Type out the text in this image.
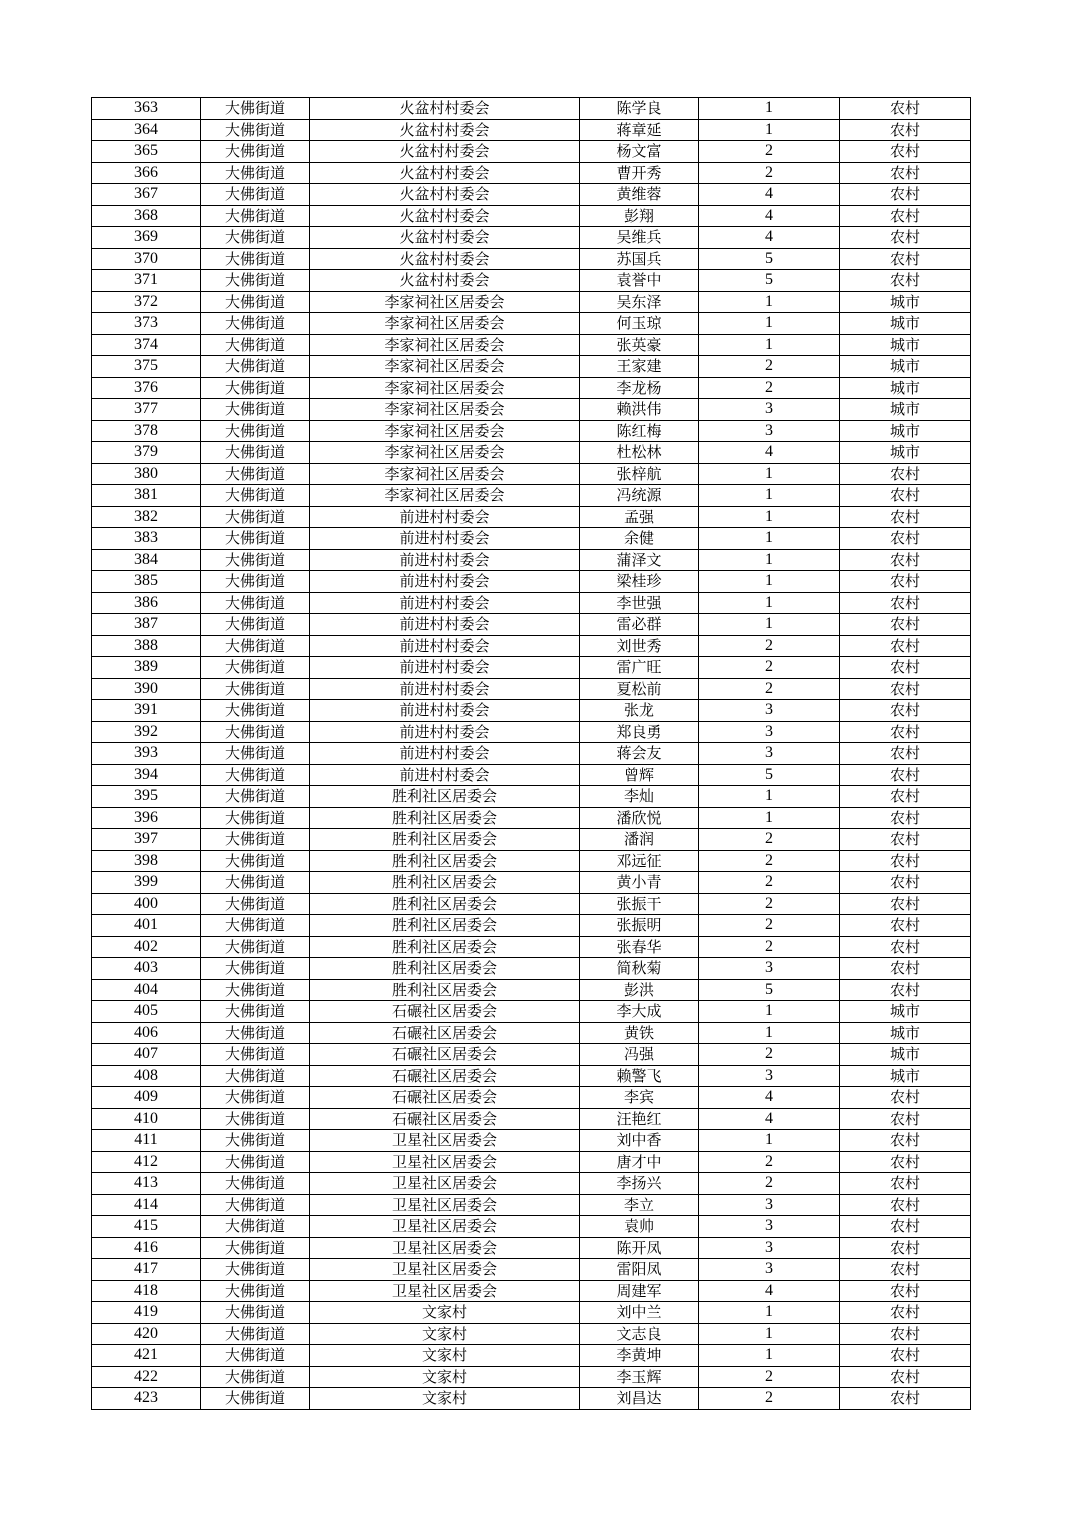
363	大佛街道	火盆村村委会	陈学良	1	农村
364	大佛街道	火盆村村委会	蒋章延	1	农村
365	大佛街道	火盆村村委会	杨文富	2	农村
366	大佛街道	火盆村村委会	曹开秀	2	农村
367	大佛街道	火盆村村委会	黄维蓉	4	农村
368	大佛街道	火盆村村委会	彭翔	4	农村
369	大佛街道	火盆村村委会	吴维兵	4	农村
370	大佛街道	火盆村村委会	苏国兵	5	农村
371	大佛街道	火盆村村委会	袁誉中	5	农村
372	大佛街道	李家祠社区居委会	吴东泽	1	城市
373	大佛街道	李家祠社区居委会	何玉琼	1	城市
374	大佛街道	李家祠社区居委会	张英豪	1	城市
375	大佛街道	李家祠社区居委会	王家建	2	城市
376	大佛街道	李家祠社区居委会	李龙杨	2	城市
377	大佛街道	李家祠社区居委会	赖洪伟	3	城市
378	大佛街道	李家祠社区居委会	陈红梅	3	城市
379	大佛街道	李家祠社区居委会	杜松林	4	城市
380	大佛街道	李家祠社区居委会	张梓航	1	农村
381	大佛街道	李家祠社区居委会	冯统源	1	农村
382	大佛街道	前进村村委会	孟强	1	农村
383	大佛街道	前进村村委会	余健	1	农村
384	大佛街道	前进村村委会	蒲泽文	1	农村
385	大佛街道	前进村村委会	梁桂珍	1	农村
386	大佛街道	前进村村委会	李世强	1	农村
387	大佛街道	前进村村委会	雷必群	1	农村
388	大佛街道	前进村村委会	刘世秀	2	农村
389	大佛街道	前进村村委会	雷广旺	2	农村
390	大佛街道	前进村村委会	夏松前	2	农村
391	大佛街道	前进村村委会	张龙	3	农村
392	大佛街道	前进村村委会	郑良勇	3	农村
393	大佛街道	前进村村委会	蒋会友	3	农村
394	大佛街道	前进村村委会	曾辉	5	农村
395	大佛街道	胜利社区居委会	李灿	1	农村
396	大佛街道	胜利社区居委会	潘欣悦	1	农村
397	大佛街道	胜利社区居委会	潘润	2	农村
398	大佛街道	胜利社区居委会	邓远征	2	农村
399	大佛街道	胜利社区居委会	黄小青	2	农村
400	大佛街道	胜利社区居委会	张振干	2	农村
401	大佛街道	胜利社区居委会	张振明	2	农村
402	大佛街道	胜利社区居委会	张春华	2	农村
403	大佛街道	胜利社区居委会	简秋菊	3	农村
404	大佛街道	胜利社区居委会	彭洪	5	农村
405	大佛街道	石碾社区居委会	李大成	1	城市
406	大佛街道	石碾社区居委会	黄铁	1	城市
407	大佛街道	石碾社区居委会	冯强	2	城市
408	大佛街道	石碾社区居委会	赖警飞	3	城市
409	大佛街道	石碾社区居委会	李宾	4	农村
410	大佛街道	石碾社区居委会	汪艳红	4	农村
411	大佛街道	卫星社区居委会	刘中香	1	农村
412	大佛街道	卫星社区居委会	唐才中	2	农村
413	大佛街道	卫星社区居委会	李扬兴	2	农村
414	大佛街道	卫星社区居委会	李立	3	农村
415	大佛街道	卫星社区居委会	袁帅	3	农村
416	大佛街道	卫星社区居委会	陈开凤	3	农村
417	大佛街道	卫星社区居委会	雷阳凤	3	农村
418	大佛街道	卫星社区居委会	周建军	4	农村
419	大佛街道	文家村	刘中兰	1	农村
420	大佛街道	文家村	文志良	1	农村
421	大佛街道	文家村	李黄坤	1	农村
422	大佛街道	文家村	李玉辉	2	农村
423	大佛街道	文家村	刘昌达	2	农村
